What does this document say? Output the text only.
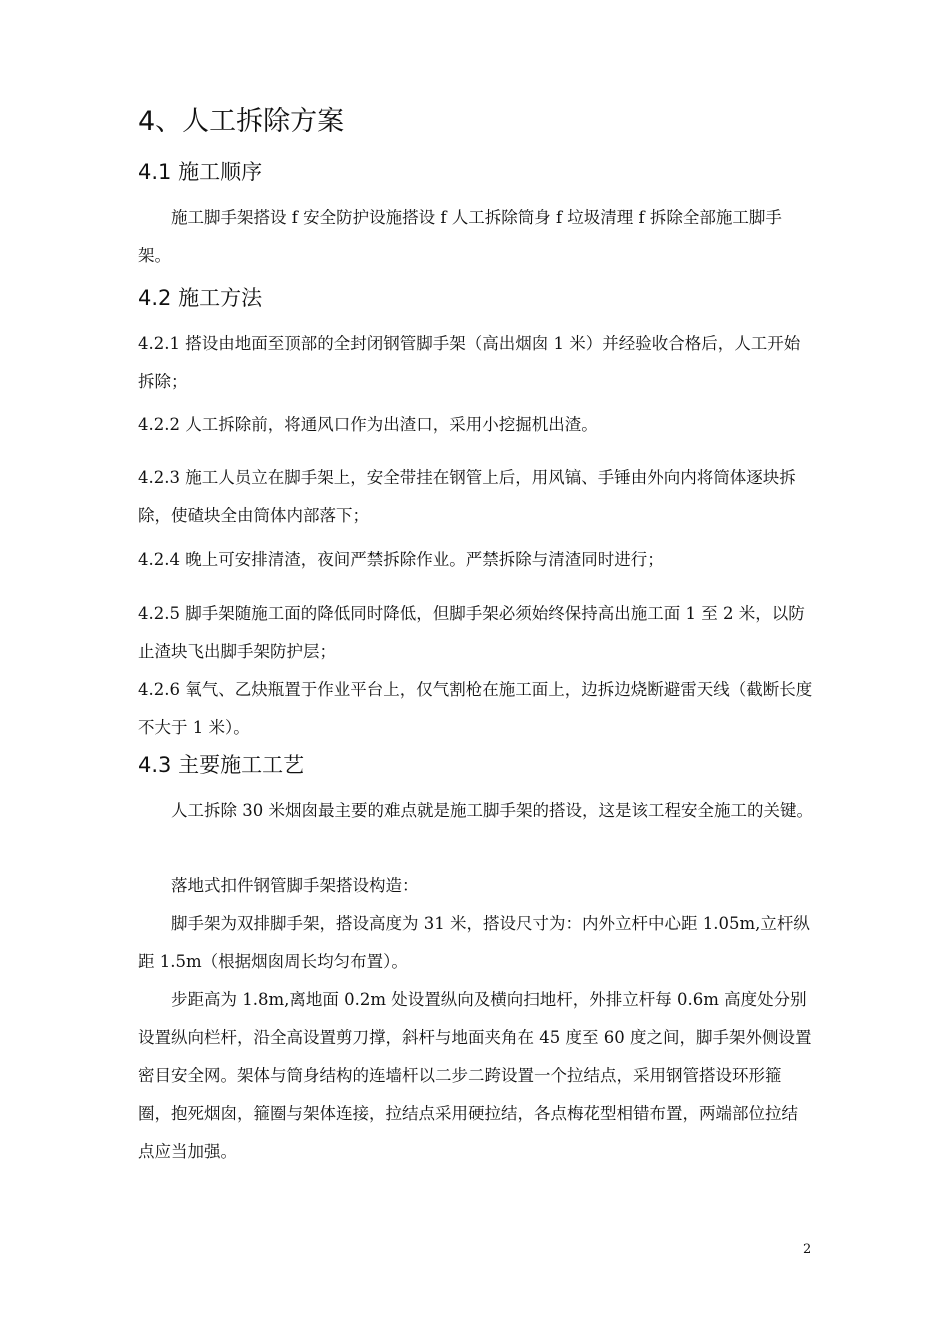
4、人工拆除方案
4.1 施工顺序

施工脚手架搭设 f 安全防护设施搭设 f 人工拆除筒身 f 垃圾清理 f 拆除全部施工脚手架。

4.2 施工方法

4.2.1 搭设由地面至顶部的全封闭钢管脚手架（高出烟囱 1 米）并经验收合格后，人工开始拆除；

4.2.2 人工拆除前，将通风口作为出渣口，采用小挖掘机出渣。

4.2.3 施工人员立在脚手架上，安全带挂在钢管上后，用风镐、手锤由外向内将筒体逐块拆除，使碴块全由筒体内部落下；

4.2.4 晚上可安排清渣，夜间严禁拆除作业。严禁拆除与清渣同时进行；

4.2.5 脚手架随施工面的降低同时降低，但脚手架必须始终保持高出施工面 1 至 2 米，以防止渣块飞出脚手架防护层；

4.2.6 氧气、乙炔瓶置于作业平台上，仅气割枪在施工面上，边拆边烧断避雷天线（截断长度不大于 1 米）。

4.3 主要施工工艺

人工拆除 30 米烟囱最主要的难点就是施工脚手架的搭设，这是该工程安全施工的关键。

落地式扣件钢管脚手架搭设构造：

脚手架为双排脚手架，搭设高度为 31 米，搭设尺寸为：内外立杆中心距 1.05m,立杆纵距 1.5m（根据烟囱周长均匀布置）。

步距高为 1.8m,离地面 0.2m 处设置纵向及横向扫地杆，外排立杆每 0.6m 高度处分别设置纵向栏杆，沿全高设置剪刀撑，斜杆与地面夹角在 45 度至 60 度之间，脚手架外侧设置密目安全网。架体与筒身结构的连墙杆以二步二跨设置一个拉结点，采用钢管搭设环形箍圈，抱死烟囱，箍圈与架体连接，拉结点采用硬拉结，各点梅花型相错布置，两端部位拉结点应当加强。

2
